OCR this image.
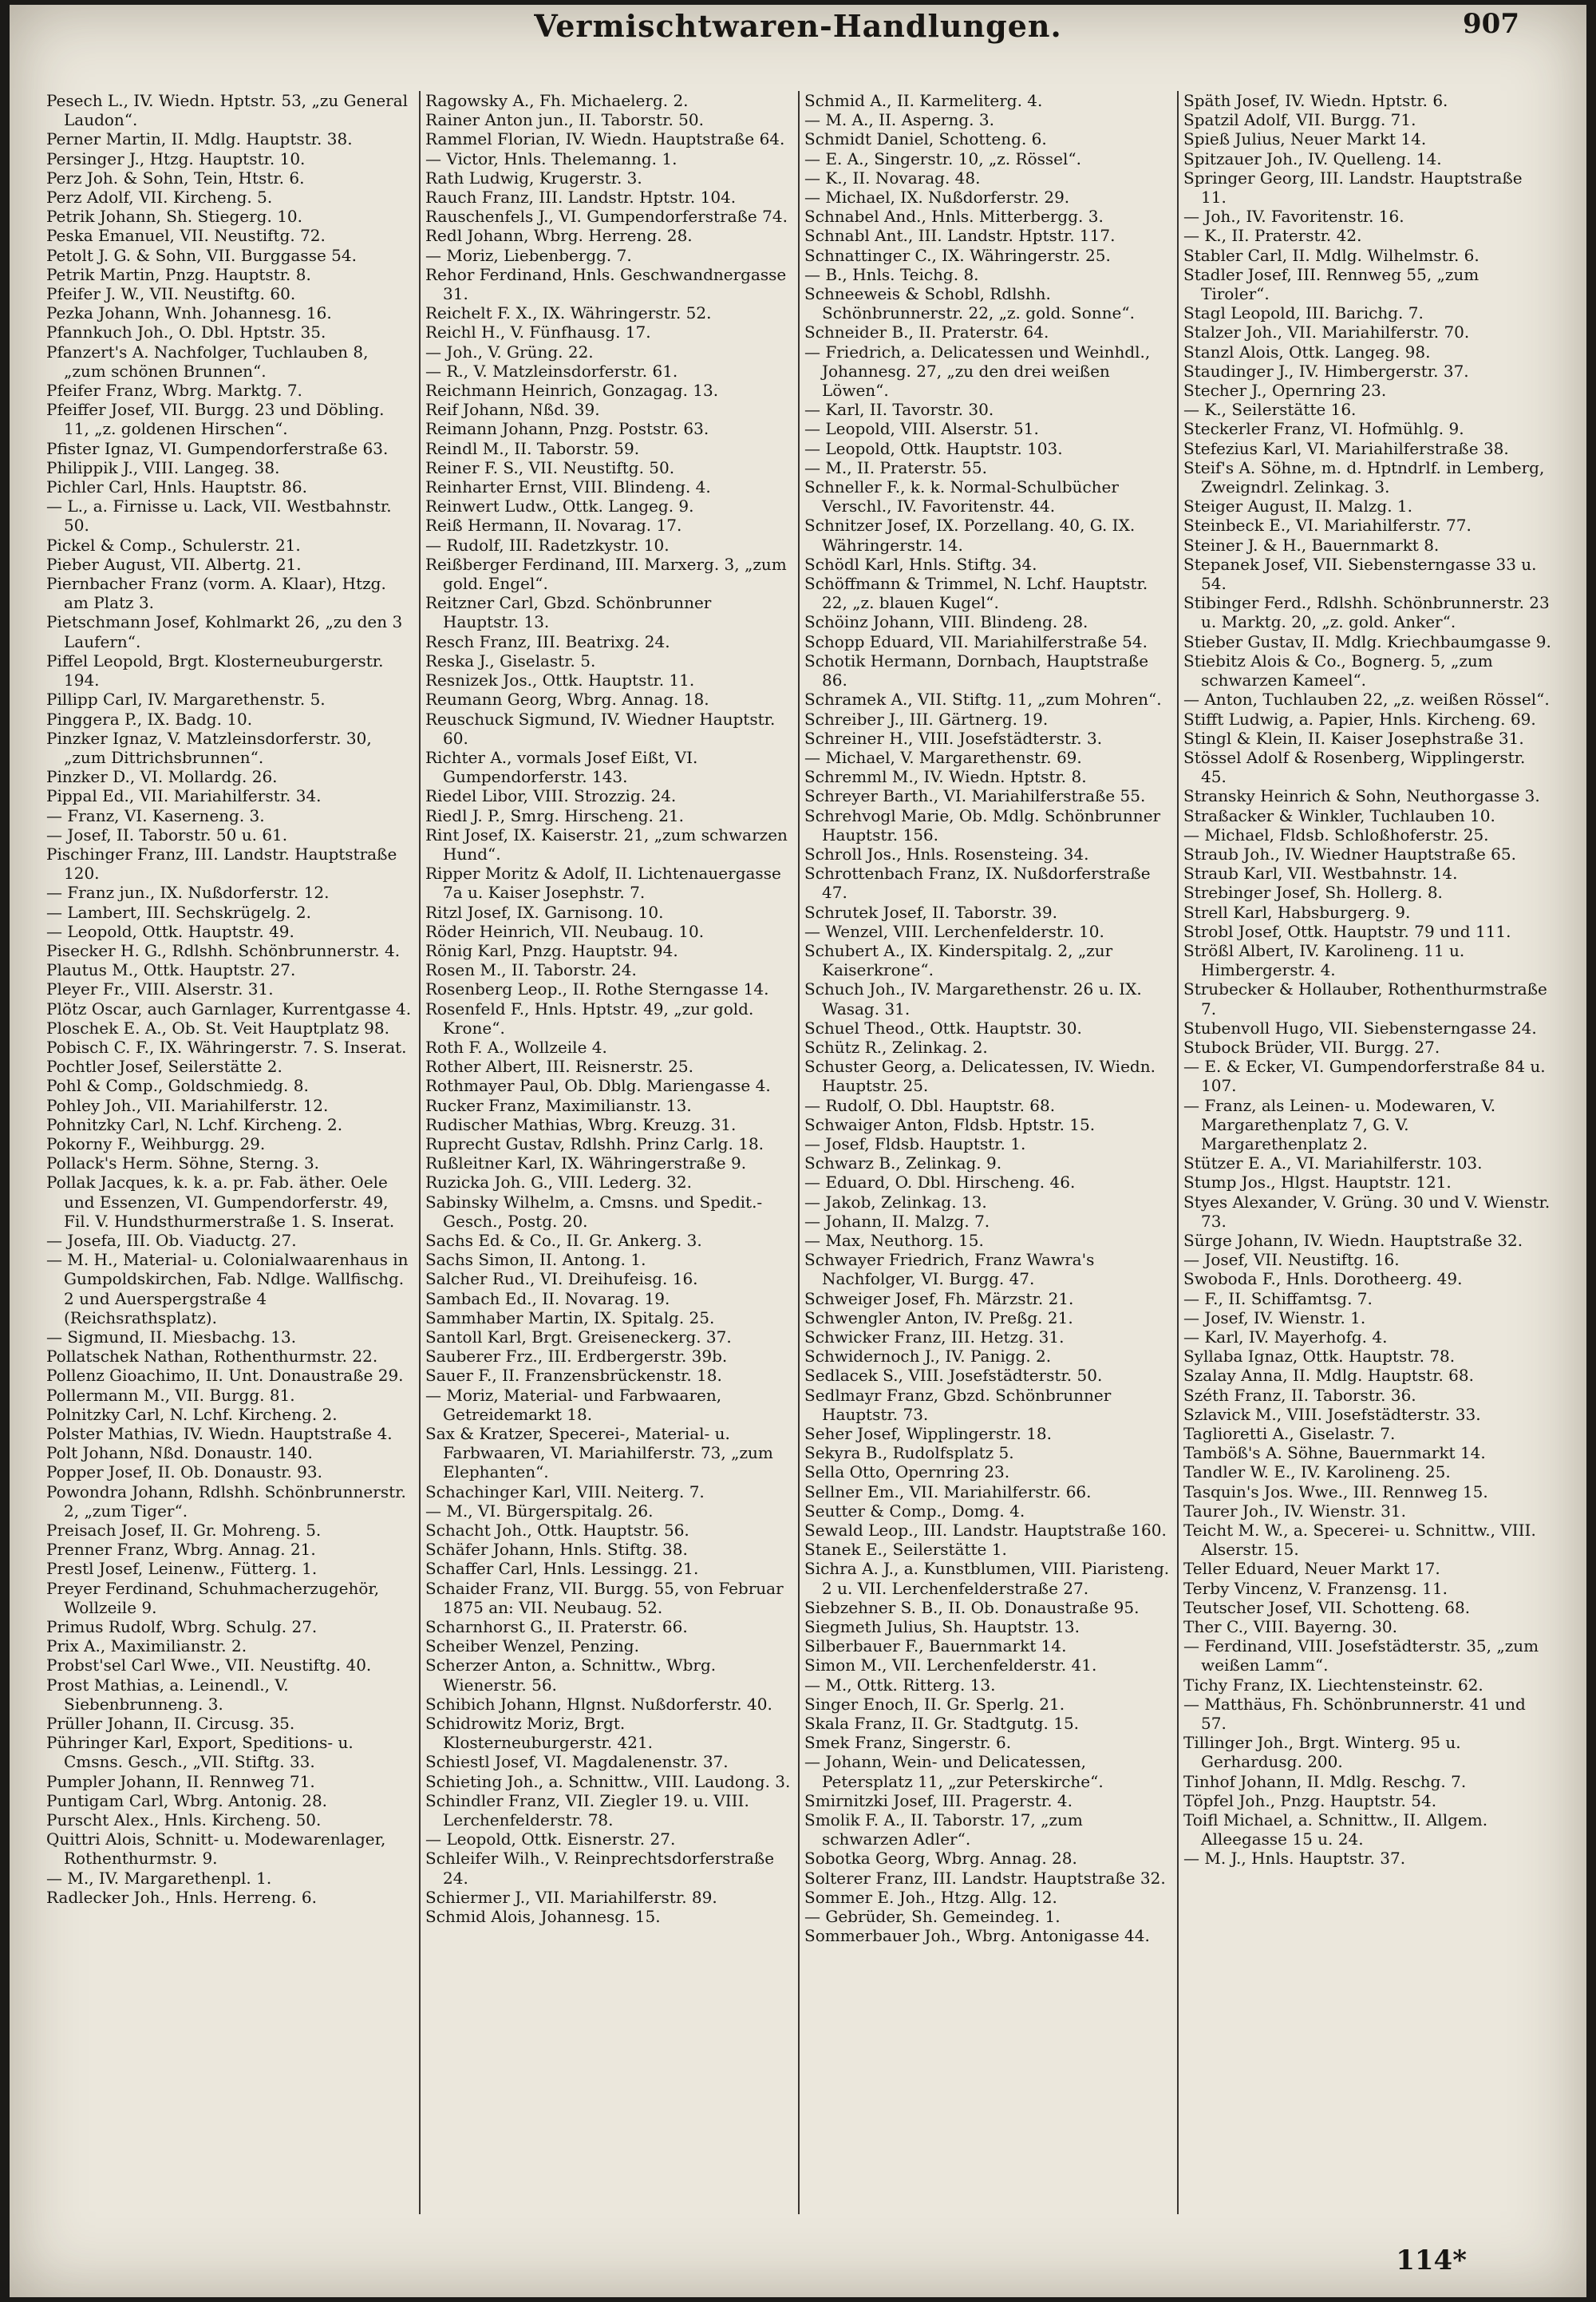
Vermischtwaren-Handlungen.	907

Pesech L., IV. Wiedn. Hptstr. 53, „zu General Laudon“.

Perner Martin, II. Mdlg. Hauptstr. 38.

Persinger J., Htzg. Hauptstr. 10.

Perz Joh. & Sohn, Tein, Htstr. 6.

Perz Adolf, VII. Kircheng. 5.

Petrik Johann, Sh. Stiegerg. 10.

Peska Emanuel, VII. Neustiftg. 72.

Petolt J. G. & Sohn, VII. Burggasse 54.

Petrik Martin, Pnzg. Hauptstr. 8.

Pfeifer J. W., VII. Neustiftg. 60.

Pezka Johann, Wnh. Johannesg. 16.

Pfannkuch Joh., O. Dbl. Hptstr. 35.

Pfanzert's A. Nachfolger, Tuchlauben 8, „zum schönen Brunnen“.

Pfeifer Franz, Wbrg. Marktg. 7.

Pfeiffer Josef, VII. Burgg. 23 und Döbling. 11, „z. goldenen Hirschen“.

Pfister Ignaz, VI. Gumpendorferstraße 63.

Philippik J., VIII. Langeg. 38.

Pichler Carl, Hnls. Hauptstr. 86.

— L., a. Firnisse u. Lack, VII. Westbahnstr. 50.

Pickel & Comp., Schulerstr. 21.

Pieber August, VII. Albertg. 21.

Piernbacher Franz (vorm. A. Klaar), Htzg. am Platz 3.

Pietschmann Josef, Kohlmarkt 26, „zu den 3 Laufern“.

Piffel Leopold, Brgt. Klosterneuburgerstr. 194.

Pillipp Carl, IV. Margarethenstr. 5.

Pinggera P., IX. Badg. 10.

Pinzker Ignaz, V. Matzleinsdorferstr. 30, „zum Dittrichsbrunnen“.

Pinzker D., VI. Mollardg. 26.

Pippal Ed., VII. Mariahilferstr. 34.

— Franz, VI. Kaserneng. 3.

— Josef, II. Taborstr. 50 u. 61.

Pischinger Franz, III. Landstr. Hauptstraße 120.

— Franz jun., IX. Nußdorferstr. 12.

— Lambert, III. Sechskrügelg. 2.

— Leopold, Ottk. Hauptstr. 49.

Pisecker H. G., Rdlshh. Schönbrunnerstr. 4.

Plautus M., Ottk. Hauptstr. 27.

Pleyer Fr., VIII. Alserstr. 31.

Plötz Oscar, auch Garnlager, Kurrentgasse 4.

Ploschek E. A., Ob. St. Veit Hauptplatz 98.

Pobisch C. F., IX. Währingerstr. 7. S. Inserat.

Pochtler Josef, Seilerstätte 2.

Pohl & Comp., Goldschmiedg. 8.

Pohley Joh., VII. Mariahilferstr. 12.

Pohnitzky Carl, N. Lchf. Kircheng. 2.

Pokorny F., Weihburgg. 29.

Pollack's Herm. Söhne, Sterng. 3.

Pollak Jacques, k. k. a. pr. Fab. äther. Oele und Essenzen, VI. Gumpendorferstr. 49, Fil. V. Hundsthurmerstraße 1. S. Inserat.

— Josefa, III. Ob. Viaductg. 27.

— M. H., Material- u. Colonialwaarenhaus in Gumpoldskirchen, Fab. Ndlge. Wallfischg. 2 und Auerspergstraße 4 (Reichsrathsplatz).

— Sigmund, II. Miesbachg. 13.

Pollatschek Nathan, Rothenthurmstr. 22.

Pollenz Gioachimo, II. Unt. Donaustraße 29.

Pollermann M., VII. Burgg. 81.

Polnitzky Carl, N. Lchf. Kircheng. 2.

Polster Mathias, IV. Wiedn. Hauptstraße 4.

Polt Johann, Nßd. Donaustr. 140.

Popper Josef, II. Ob. Donaustr. 93.

Powondra Johann, Rdlshh. Schönbrunnerstr. 2, „zum Tiger“.

Preisach Josef, II. Gr. Mohreng. 5.

Prenner Franz, Wbrg. Annag. 21.

Prestl Josef, Leinenw., Fütterg. 1.

Preyer Ferdinand, Schuhmacherzugehör, Wollzeile 9.

Primus Rudolf, Wbrg. Schulg. 27.

Prix A., Maximilianstr. 2.

Probst'sel Carl Wwe., VII. Neustiftg. 40.

Prost Mathias, a. Leinendl., V. Siebenbrunneng. 3.

Prüller Johann, II. Circusg. 35.

Pühringer Karl, Export, Speditions- u. Cmsns. Gesch., „VII. Stiftg. 33.

Pumpler Johann, II. Rennweg 71.

Puntigam Carl, Wbrg. Antonig. 28.

Purscht Alex., Hnls. Kircheng. 50.

Quittri Alois, Schnitt- u. Modewarenlager, Rothenthurmstr. 9.

— M., IV. Margarethenpl. 1.

Radlecker Joh., Hnls. Herreng. 6.

Ragowsky A., Fh. Michaelerg. 2.

Rainer Anton jun., II. Taborstr. 50.

Rammel Florian, IV. Wiedn. Hauptstraße 64.

— Victor, Hnls. Thelemanng. 1.

Rath Ludwig, Krugerstr. 3.

Rauch Franz, III. Landstr. Hptstr. 104.

Rauschenfels J., VI. Gumpendorferstraße 74.

Redl Johann, Wbrg. Herreng. 28.

— Moriz, Liebenbergg. 7.

Rehor Ferdinand, Hnls. Geschwandnergasse 31.

Reichelt F. X., IX. Währingerstr. 52.

Reichl H., V. Fünfhausg. 17.

— Joh., V. Grüng. 22.

— R., V. Matzleinsdorferstr. 61.

Reichmann Heinrich, Gonzagag. 13.

Reif Johann, Nßd. 39.

Reimann Johann, Pnzg. Poststr. 63.

Reindl M., II. Taborstr. 59.

Reiner F. S., VII. Neustiftg. 50.

Reinharter Ernst, VIII. Blindeng. 4.

Reinwert Ludw., Ottk. Langeg. 9.

Reiß Hermann, II. Novarag. 17.

— Rudolf, III. Radetzkystr. 10.

Reißberger Ferdinand, III. Marxerg. 3, „zum gold. Engel“.

Reitzner Carl, Gbzd. Schönbrunner Hauptstr. 13.

Resch Franz, III. Beatrixg. 24.

Reska J., Giselastr. 5.

Resnizek Jos., Ottk. Hauptstr. 11.

Reumann Georg, Wbrg. Annag. 18.

Reuschuck Sigmund, IV. Wiedner Hauptstr. 60.

Richter A., vormals Josef Eißt, VI. Gumpendorferstr. 143.

Riedel Libor, VIII. Strozzig. 24.

Riedl J. P., Smrg. Hirscheng. 21.

Rint Josef, IX. Kaiserstr. 21, „zum schwarzen Hund“.

Ripper Moritz & Adolf, II. Lichtenauergasse 7a u. Kaiser Josephstr. 7.

Ritzl Josef, IX. Garnisong. 10.

Röder Heinrich, VII. Neubaug. 10.

Rönig Karl, Pnzg. Hauptstr. 94.

Rosen M., II. Taborstr. 24.

Rosenberg Leop., II. Rothe Sterngasse 14.

Rosenfeld F., Hnls. Hptstr. 49, „zur gold. Krone“.

Roth F. A., Wollzeile 4.

Rother Albert, III. Reisnerstr. 25.

Rothmayer Paul, Ob. Dblg. Mariengasse 4.

Rucker Franz, Maximilianstr. 13.

Rudischer Mathias, Wbrg. Kreuzg. 31.

Ruprecht Gustav, Rdlshh. Prinz Carlg. 18.

Rußleitner Karl, IX. Währingerstraße 9.

Ruzicka Joh. G., VIII. Lederg. 32.

Sabinsky Wilhelm, a. Cmsns. und Spedit.-Gesch., Postg. 20.

Sachs Ed. & Co., II. Gr. Ankerg. 3.

Sachs Simon, II. Antong. 1.

Salcher Rud., VI. Dreihufeisg. 16.

Sambach Ed., II. Novarag. 19.

Sammhaber Martin, IX. Spitalg. 25.

Santoll Karl, Brgt. Greiseneckerg. 37.

Sauberer Frz., III. Erdbergerstr. 39b.

Sauer F., II. Franzensbrückenstr. 18.

— Moriz, Material- und Farbwaaren, Getreidemarkt 18.

Sax & Kratzer, Specerei-, Material- u. Farbwaaren, VI. Mariahilferstr. 73, „zum Elephanten“.

Schachinger Karl, VIII. Neiterg. 7.

— M., VI. Bürgerspitalg. 26.

Schacht Joh., Ottk. Hauptstr. 56.

Schäfer Johann, Hnls. Stiftg. 38.

Schaffer Carl, Hnls. Lessingg. 21.

Schaider Franz, VII. Burgg. 55, von Februar 1875 an: VII. Neubaug. 52.

Scharnhorst G., II. Praterstr. 66.

Scheiber Wenzel, Penzing.

Scherzer Anton, a. Schnittw., Wbrg. Wienerstr. 56.

Schibich Johann, Hlgnst. Nußdorferstr. 40.

Schidrowitz Moriz, Brgt. Klosterneuburgerstr. 421.

Schiestl Josef, VI. Magdalenenstr. 37.

Schieting Joh., a. Schnittw., VIII. Laudong. 3.

Schindler Franz, VII. Ziegler 19. u. VIII. Lerchenfelderstr. 78.

— Leopold, Ottk. Eisnerstr. 27.

Schleifer Wilh., V. Reinprechtsdorferstraße 24.

Schiermer J., VII. Mariahilferstr. 89.

Schmid Alois, Johannesg. 15.

Schmid A., II. Karmeliterg. 4.

— M. A., II. Asperng. 3.

Schmidt Daniel, Schotteng. 6.

— E. A., Singerstr. 10, „z. Rössel“.

— K., II. Novarag. 48.

— Michael, IX. Nußdorferstr. 29.

Schnabel And., Hnls. Mitterbergg. 3.

Schnabl Ant., III. Landstr. Hptstr. 117.

Schnattinger C., IX. Währingerstr. 25.

— B., Hnls. Teichg. 8.

Schneeweis & Schobl, Rdlshh. Schönbrunnerstr. 22, „z. gold. Sonne“.

Schneider B., II. Praterstr. 64.

— Friedrich, a. Delicatessen und Weinhdl., Johannesg. 27, „zu den drei weißen Löwen“.

— Karl, II. Tavorstr. 30.

— Leopold, VIII. Alserstr. 51.

— Leopold, Ottk. Hauptstr. 103.

— M., II. Praterstr. 55.

Schneller F., k. k. Normal-Schulbücher Verschl., IV. Favoritenstr. 44.

Schnitzer Josef, IX. Porzellang. 40, G. IX. Währingerstr. 14.

Schödl Karl, Hnls. Stiftg. 34.

Schöffmann & Trimmel, N. Lchf. Hauptstr. 22, „z. blauen Kugel“.

Schöinz Johann, VIII. Blindeng. 28.

Schopp Eduard, VII. Mariahilferstraße 54.

Schotik Hermann, Dornbach, Hauptstraße 86.

Schramek A., VII. Stiftg. 11, „zum Mohren“.

Schreiber J., III. Gärtnerg. 19.

Schreiner H., VIII. Josefstädterstr. 3.

— Michael, V. Margarethenstr. 69.

Schremml M., IV. Wiedn. Hptstr. 8.

Schreyer Barth., VI. Mariahilferstraße 55.

Schrehvogl Marie, Ob. Mdlg. Schönbrunner Hauptstr. 156.

Schroll Jos., Hnls. Rosensteing. 34.

Schrottenbach Franz, IX. Nußdorferstraße 47.

Schrutek Josef, II. Taborstr. 39.

— Wenzel, VIII. Lerchenfelderstr. 10.

Schubert A., IX. Kinderspitalg. 2, „zur Kaiserkrone“.

Schuch Joh., IV. Margarethenstr. 26 u. IX. Wasag. 31.

Schuel Theod., Ottk. Hauptstr. 30.

Schütz R., Zelinkag. 2.

Schuster Georg, a. Delicatessen, IV. Wiedn. Hauptstr. 25.

— Rudolf, O. Dbl. Hauptstr. 68.

Schwaiger Anton, Fldsb. Hptstr. 15.

— Josef, Fldsb. Hauptstr. 1.

Schwarz B., Zelinkag. 9.

— Eduard, O. Dbl. Hirscheng. 46.

— Jakob, Zelinkag. 13.

— Johann, II. Malzg. 7.

— Max, Neuthorg. 15.

Schwayer Friedrich, Franz Wawra's Nachfolger, VI. Burgg. 47.

Schweiger Josef, Fh. Märzstr. 21.

Schwengler Anton, IV. Preßg. 21.

Schwicker Franz, III. Hetzg. 31.

Schwidernoch J., IV. Panigg. 2.

Sedlacek S., VIII. Josefstädterstr. 50.

Sedlmayr Franz, Gbzd. Schönbrunner Hauptstr. 73.

Seher Josef, Wipplingerstr. 18.

Sekyra B., Rudolfsplatz 5.

Sella Otto, Opernring 23.

Sellner Em., VII. Mariahilferstr. 66.

Seutter & Comp., Domg. 4.

Sewald Leop., III. Landstr. Hauptstraße 160.

Stanek E., Seilerstätte 1.

Sichra A. J., a. Kunstblumen, VIII. Piaristeng. 2 u. VII. Lerchenfelderstraße 27.

Siebzehner S. B., II. Ob. Donaustraße 95.

Siegmeth Julius, Sh. Hauptstr. 13.

Silberbauer F., Bauernmarkt 14.

Simon M., VII. Lerchenfelderstr. 41.

— M., Ottk. Ritterg. 13.

Singer Enoch, II. Gr. Sperlg. 21.

Skala Franz, II. Gr. Stadtgutg. 15.

Smek Franz, Singerstr. 6.

— Johann, Wein- und Delicatessen, Petersplatz 11, „zur Peterskirche“.

Smirnitzki Josef, III. Pragerstr. 4.

Smolik F. A., II. Taborstr. 17, „zum schwarzen Adler“.

Sobotka Georg, Wbrg. Annag. 28.

Solterer Franz, III. Landstr. Hauptstraße 32.

Sommer E. Joh., Htzg. Allg. 12.

— Gebrüder, Sh. Gemeindeg. 1.

Sommerbauer Joh., Wbrg. Antonigasse 44.

Späth Josef, IV. Wiedn. Hptstr. 6.

Spatzil Adolf, VII. Burgg. 71.

Spieß Julius, Neuer Markt 14.

Spitzauer Joh., IV. Quelleng. 14.

Springer Georg, III. Landstr. Hauptstraße 11.

— Joh., IV. Favoritenstr. 16.

— K., II. Praterstr. 42.

Stabler Carl, II. Mdlg. Wilhelmstr. 6.

Stadler Josef, III. Rennweg 55, „zum Tiroler“.

Stagl Leopold, III. Barichg. 7.

Stalzer Joh., VII. Mariahilferstr. 70.

Stanzl Alois, Ottk. Langeg. 98.

Staudinger J., IV. Himbergerstr. 37.

Stecher J., Opernring 23.

— K., Seilerstätte 16.

Steckerler Franz, VI. Hofmühlg. 9.

Stefezius Karl, VI. Mariahilferstraße 38.

Steif's A. Söhne, m. d. Hptndrlf. in Lemberg, Zweigndrl. Zelinkag. 3.

Steiger August, II. Malzg. 1.

Steinbeck E., VI. Mariahilferstr. 77.

Steiner J. & H., Bauernmarkt 8.

Stepanek Josef, VII. Siebensterngasse 33 u. 54.

Stibinger Ferd., Rdlshh. Schönbrunnerstr. 23 u. Marktg. 20, „z. gold. Anker“.

Stieber Gustav, II. Mdlg. Kriechbaumgasse 9.

Stiebitz Alois & Co., Bognerg. 5, „zum schwarzen Kameel“.

— Anton, Tuchlauben 22, „z. weißen Rössel“.

Stifft Ludwig, a. Papier, Hnls. Kircheng. 69.

Stingl & Klein, II. Kaiser Josephstraße 31.

Stössel Adolf & Rosenberg, Wipplingerstr. 45.

Stransky Heinrich & Sohn, Neuthorgasse 3.

Straßacker & Winkler, Tuchlauben 10.

— Michael, Fldsb. Schloßhoferstr. 25.

Straub Joh., IV. Wiedner Hauptstraße 65.

Straub Karl, VII. Westbahnstr. 14.

Strebinger Josef, Sh. Hollerg. 8.

Strell Karl, Habsburgerg. 9.

Strobl Josef, Ottk. Hauptstr. 79 und 111.

Strößl Albert, IV. Karolineng. 11 u. Himbergerstr. 4.

Strubecker & Hollauber, Rothenthurmstraße 7.

Stubenvoll Hugo, VII. Siebensterngasse 24.

Stubock Brüder, VII. Burgg. 27.

— E. & Ecker, VI. Gumpendorferstraße 84 u. 107.

— Franz, als Leinen- u. Modewaren, V. Margarethenplatz 7, G. V. Margarethenplatz 2.

Stützer E. A., VI. Mariahilferstr. 103.

Stump Jos., Hlgst. Hauptstr. 121.

Styes Alexander, V. Grüng. 30 und V. Wienstr. 73.

Sürge Johann, IV. Wiedn. Hauptstraße 32.

— Josef, VII. Neustiftg. 16.

Swoboda F., Hnls. Dorotheerg. 49.

— F., II. Schiffamtsg. 7.

— Josef, IV. Wienstr. 1.

— Karl, IV. Mayerhofg. 4.

Syllaba Ignaz, Ottk. Hauptstr. 78.

Szalay Anna, II. Mdlg. Hauptstr. 68.

Széth Franz, II. Taborstr. 36.

Szlavick M., VIII. Josefstädterstr. 33.

Taglioretti A., Giselastr. 7.

Tamböß's A. Söhne, Bauernmarkt 14.

Tandler W. E., IV. Karolineng. 25.

Tasquin's Jos. Wwe., III. Rennweg 15.

Taurer Joh., IV. Wienstr. 31.

Teicht M. W., a. Specerei- u. Schnittw., VIII. Alserstr. 15.

Teller Eduard, Neuer Markt 17.

Terby Vincenz, V. Franzensg. 11.

Teutscher Josef, VII. Schotteng. 68.

Ther C., VIII. Bayerng. 30.

— Ferdinand, VIII. Josefstädterstr. 35, „zum weißen Lamm“.

Tichy Franz, IX. Liechtensteinstr. 62.

— Matthäus, Fh. Schönbrunnerstr. 41 und 57.

Tillinger Joh., Brgt. Winterg. 95 u. Gerhardusg. 200.

Tinhof Johann, II. Mdlg. Reschg. 7.

Töpfel Joh., Pnzg. Hauptstr. 54.

Toifl Michael, a. Schnittw., II. Allgem. Alleegasse 15 u. 24.

— M. J., Hnls. Hauptstr. 37.

114*
